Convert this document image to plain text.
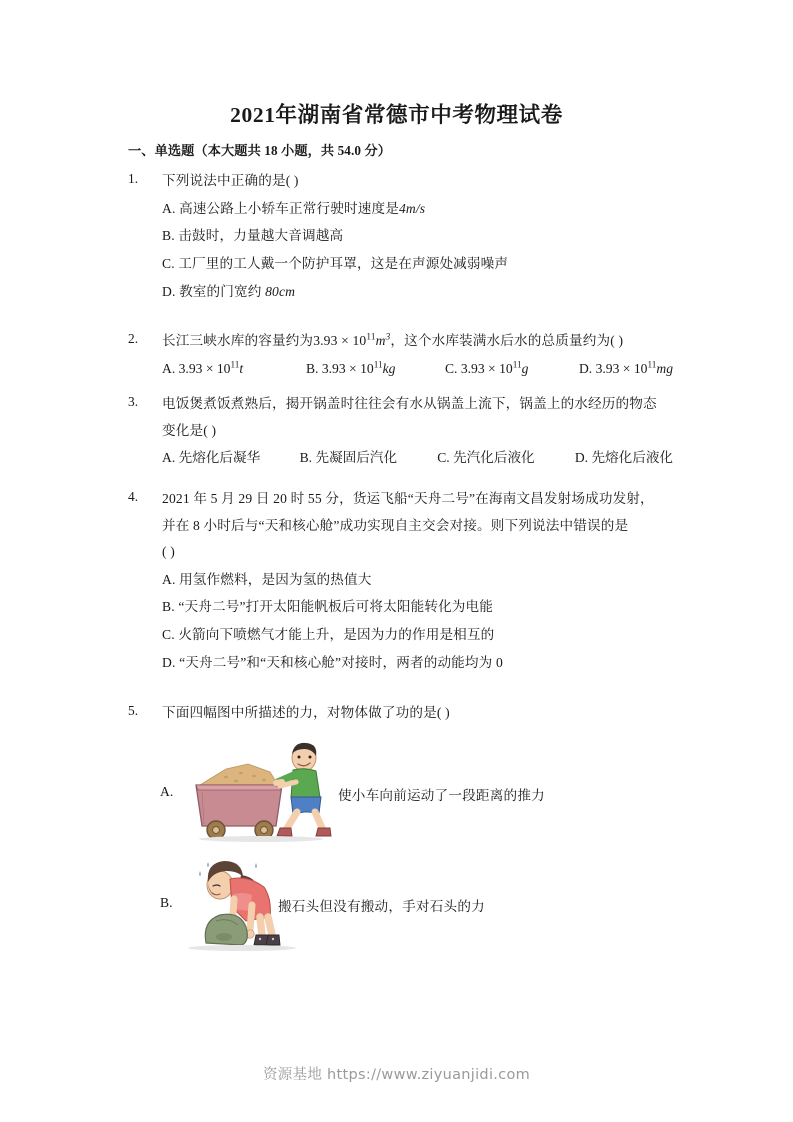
2021年湖南省常德市中考物理试卷
一、单选题（本大题共 18 小题，共 54.0 分）
1.	下列说法中正确的是( )
A. 高速公路上小轿车正常行驶时速度是4m/s
B. 击鼓时，力量越大音调越高
C. 工厂里的工人戴一个防护耳罩，这是在声源处减弱噪声
D. 教室的门宽约 80cm
2.	长江三峡水库的容量约为$3.93 \times 10^{11}m^3$，这个水库装满水后水的总质量约为( )
A. $3.93 \times 10^{11}t$	B. $3.93 \times 10^{11}kg$	C. $3.93 \times 10^{11}g$	D. $3.93 \times 10^{11}mg$
3.	电饭煲煮饭煮熟后，揭开锅盖时往往会有水从锅盖上流下，锅盖上的水经历的物态
变化是( )
A. 先熔化后凝华	B. 先凝固后汽化	C. 先汽化后液化	D. 先熔化后液化
4.	2021 年 5 月 29 日 20 时 55 分，货运飞船“天舟二号”在海南文昌发射场成功发射，
并在 8 小时后与“天和核心舱”成功实现自主交会对接。则下列说法中错误的是
( )
A. 用氢作燃料，是因为氢的热值大
B. “天舟二号”打开太阳能帆板后可将太阳能转化为电能
C. 火箭向下喷燃气才能上升，是因为力的作用是相互的
D. “天舟二号”和“天和核心舱”对接时，两者的动能均为 0
5.	下面四幅图中所描述的力，对物体做了功的是( )
A.	使小车向前运动了一段距离的推力
B.	搬石头但没有搬动，手对石头的力
资源基地 https://www.ziyuanjidi.com
